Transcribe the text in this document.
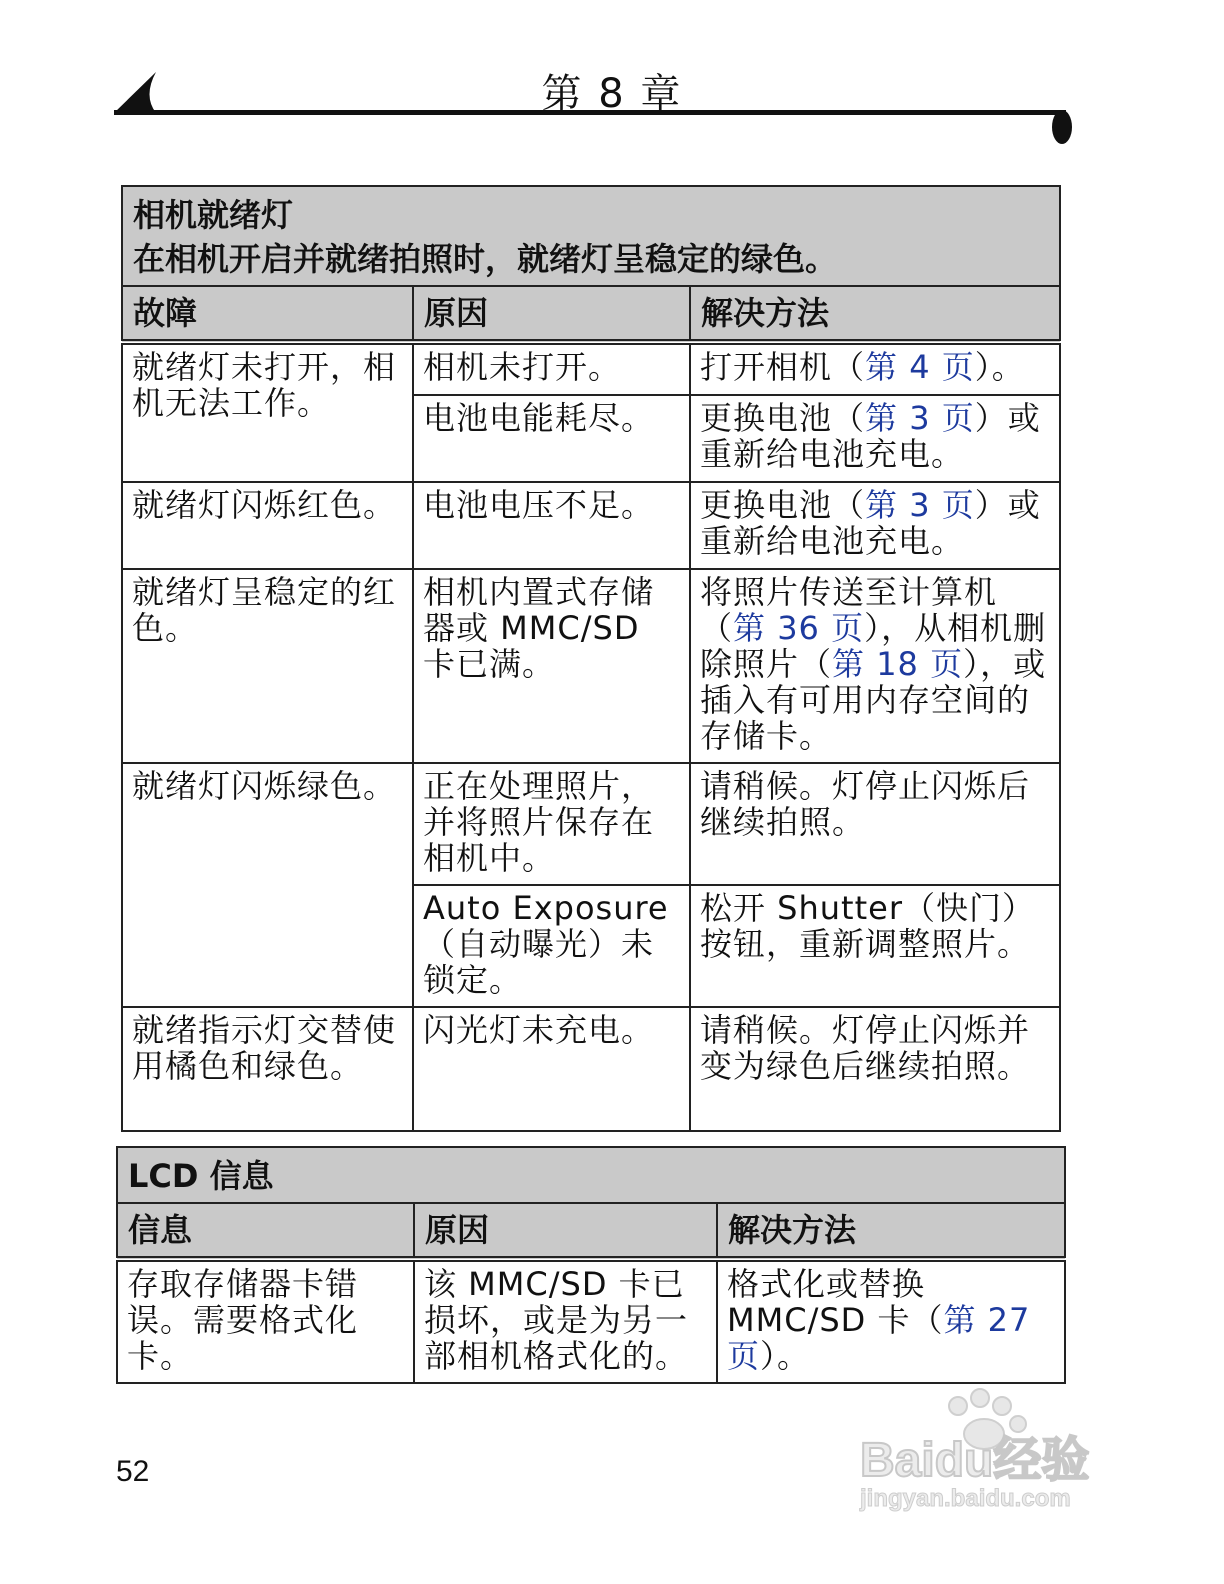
第 8 章
相机就绪灯
在相机开启并就绪拍照时，就绪灯呈稳定的绿色。		

故障	原因	解决方法
就绪灯未打开，相机无法工作。	相机未打开。	打开相机（第 4 页）。
	电池电能耗尽。	更换电池（第 3 页）或重新给电池充电。
就绪灯闪烁红色。	电池电压不足。	更换电池（第 3 页）或重新给电池充电。
就绪灯呈稳定的红色。	相机内置式存储器或 MMC/SD 卡已满。	将照片传送至计算机（第 36 页），从相机删除照片（第 18 页），或插入有可用内存空间的存储卡。
就绪灯闪烁绿色。	正在处理照片，并将照片保存在相机中。	请稍候。灯停止闪烁后继续拍照。
	Auto Exposure（自动曝光）未锁定。	松开 Shutter（快门）按钮，重新调整照片。
就绪指示灯交替使用橘色和绿色。	闪光灯未充电。	请稍候。灯停止闪烁并变为绿色后继续拍照。
LCD 信息		
信息	原因	解决方法
存取存储器卡错误。需要格式化卡。	该 MMC/SD 卡已损坏，或是为另一部相机格式化的。	格式化或替换 MMC/SD 卡（第 27 页）。
52	Baidu经验
jingyan.baidu.com
